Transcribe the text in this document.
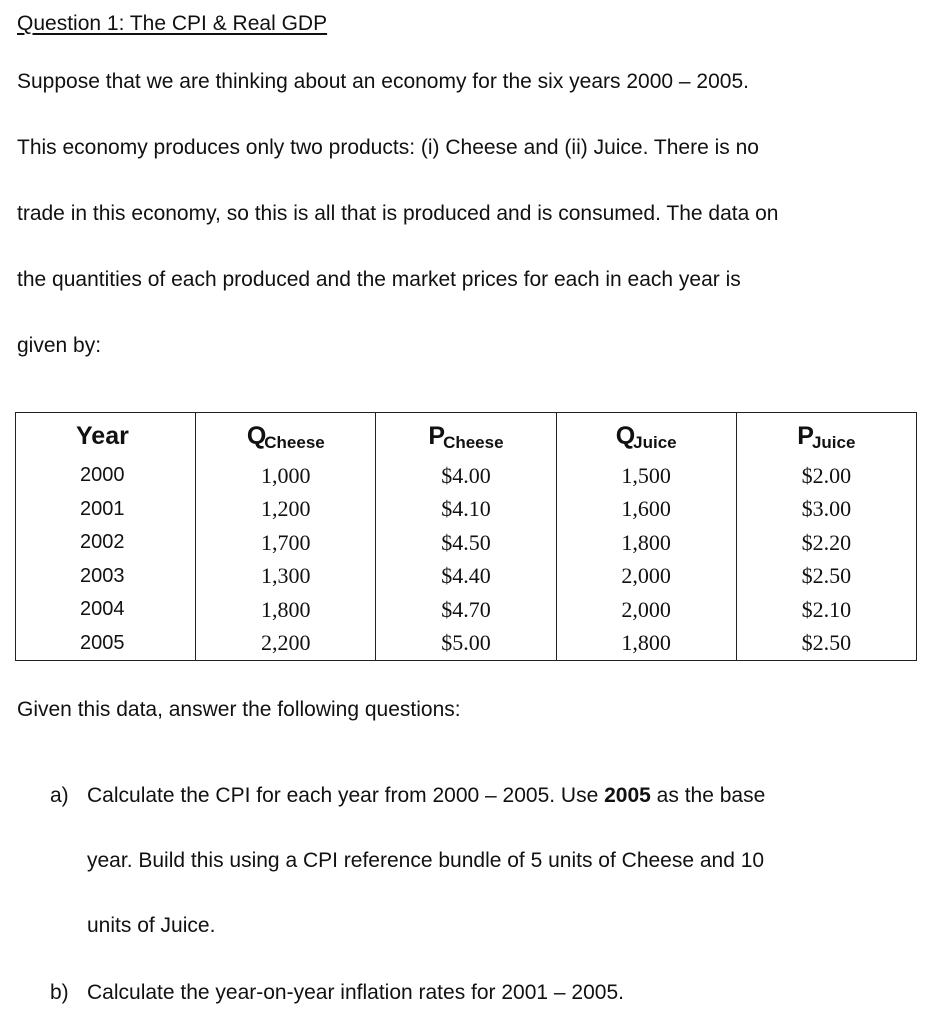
Question 1: The CPI & Real GDP
Suppose that we are thinking about an economy for the six years 2000 – 2005.
This economy produces only two products: (i) Cheese and (ii) Juice. There is no
trade in this economy, so this is all that is produced and is consumed. The data on
the quantities of each produced and the market prices for each in each year is
given by:
Year	QCheese	PCheese	QJuice	PJuice
2000	1,000	$4.00	1,500	$2.00
2001	1,200	$4.10	1,600	$3.00
2002	1,700	$4.50	1,800	$2.20
2003	1,300	$4.40	2,000	$2.50
2004	1,800	$4.70	2,000	$2.10
2005	2,200	$5.00	1,800	$2.50
Given this data, answer the following questions:
a) Calculate the CPI for each year from 2000 – 2005. Use 2005 as the base
year. Build this using a CPI reference bundle of 5 units of Cheese and 10
units of Juice.
b) Calculate the year-on-year inflation rates for 2001 – 2005.
